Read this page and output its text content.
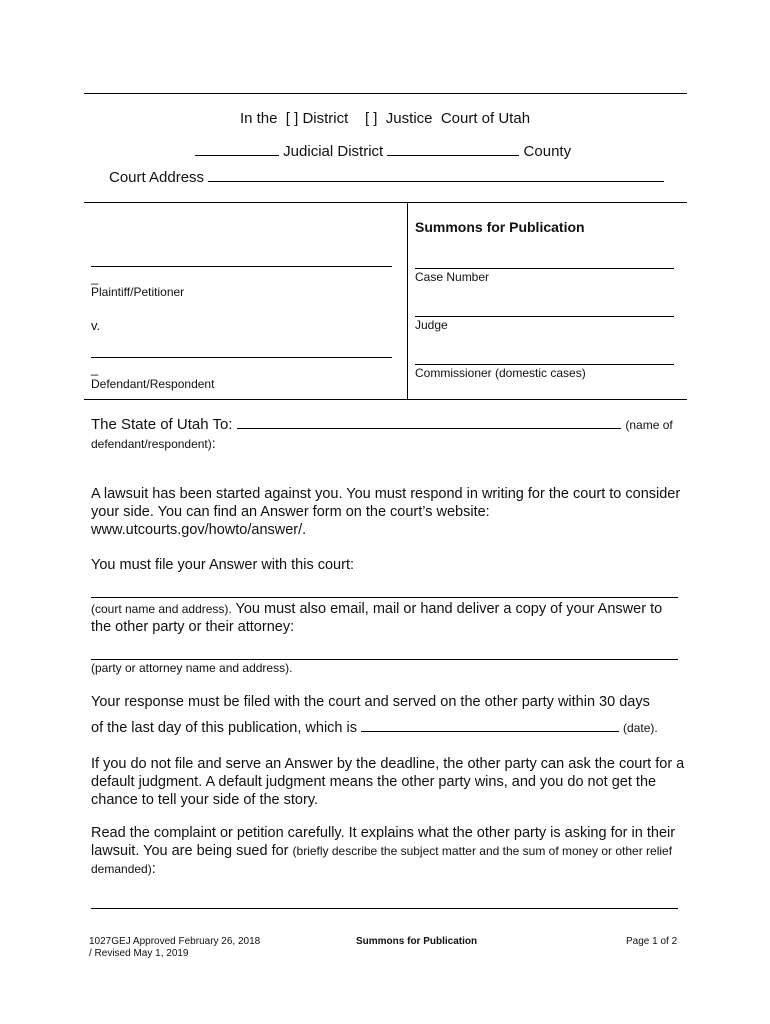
In the  [ ] District    [ ]  Justice  Court of Utah
Judicial District	County
Court Address
_
Plaintiff/Petitioner
v.
_
Defendant/Respondent
Summons for Publication
Case Number
Judge
Commissioner (domestic cases)
The State of Utah To:	(name of
defendant/respondent):
A lawsuit has been started against you. You must respond in writing for the court to consider your side. You can find an Answer form on the court’s website: www.utcourts.gov/howto/answer/.
You must file your Answer with this court:
(court name and address). You must also email, mail or hand deliver a copy of your Answer to the other party or their attorney:
(party or attorney name and address).
Your response must be filed with the court and served on the other party within 30 days
of the last day of this publication, which is	(date).
If you do not file and serve an Answer by the deadline, the other party can ask the court for a default judgment. A default judgment means the other party wins, and you do not get the chance to tell your side of the story.
Read the complaint or petition carefully. It explains what the other party is asking for in their lawsuit. You are being sued for (briefly describe the subject matter and the sum of money or other relief demanded):
1027GEJ Approved February 26, 2018
/ Revised May 1, 2019
Summons for Publication	Page 1 of 2
